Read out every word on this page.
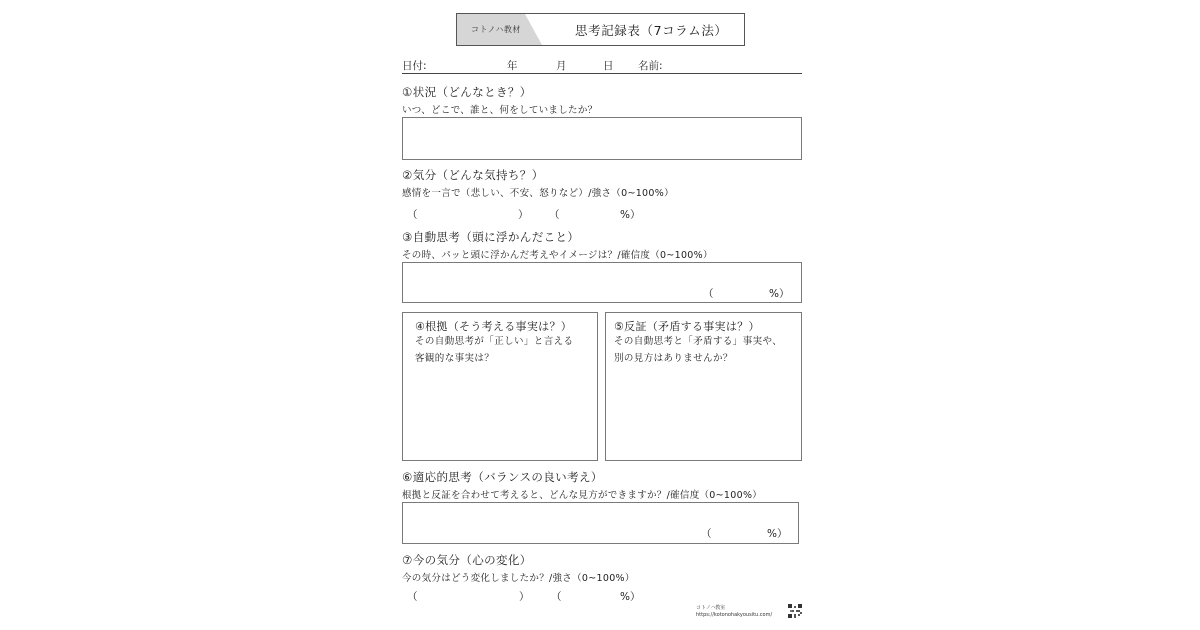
コトノハ教材	思考記録表（7コラム法）
日付:	年	月	日 名前:
①状況（どんなとき？）
いつ、どこで、誰と、何をしていましたか？
②気分（どんな気持ち？）
感情を一言で（悲しい、不安、怒りなど）/強さ（0~100%）
（	） （	%）
③自動思考（頭に浮かんだこと）
その時、パッと頭に浮かんだ考えやイメージは？/確信度（0~100%）
（	%）
④根拠（そう考える事実は？）
その自動思考が「正しい」と言える
客観的な事実は？
⑤反証（矛盾する事実は？）
その自動思考と「矛盾する」事実や、
別の見方はありませんか？
⑥適応的思考（バランスの良い考え）
根拠と反証を合わせて考えると、どんな見方ができますか？/確信度（0~100%）
（	%）
⑦今の気分（心の変化）
今の気分はどう変化しましたか？/強さ（0~100%）
（	） （	%）
コトノハ教室
https://kotonohakyousitu.com/
